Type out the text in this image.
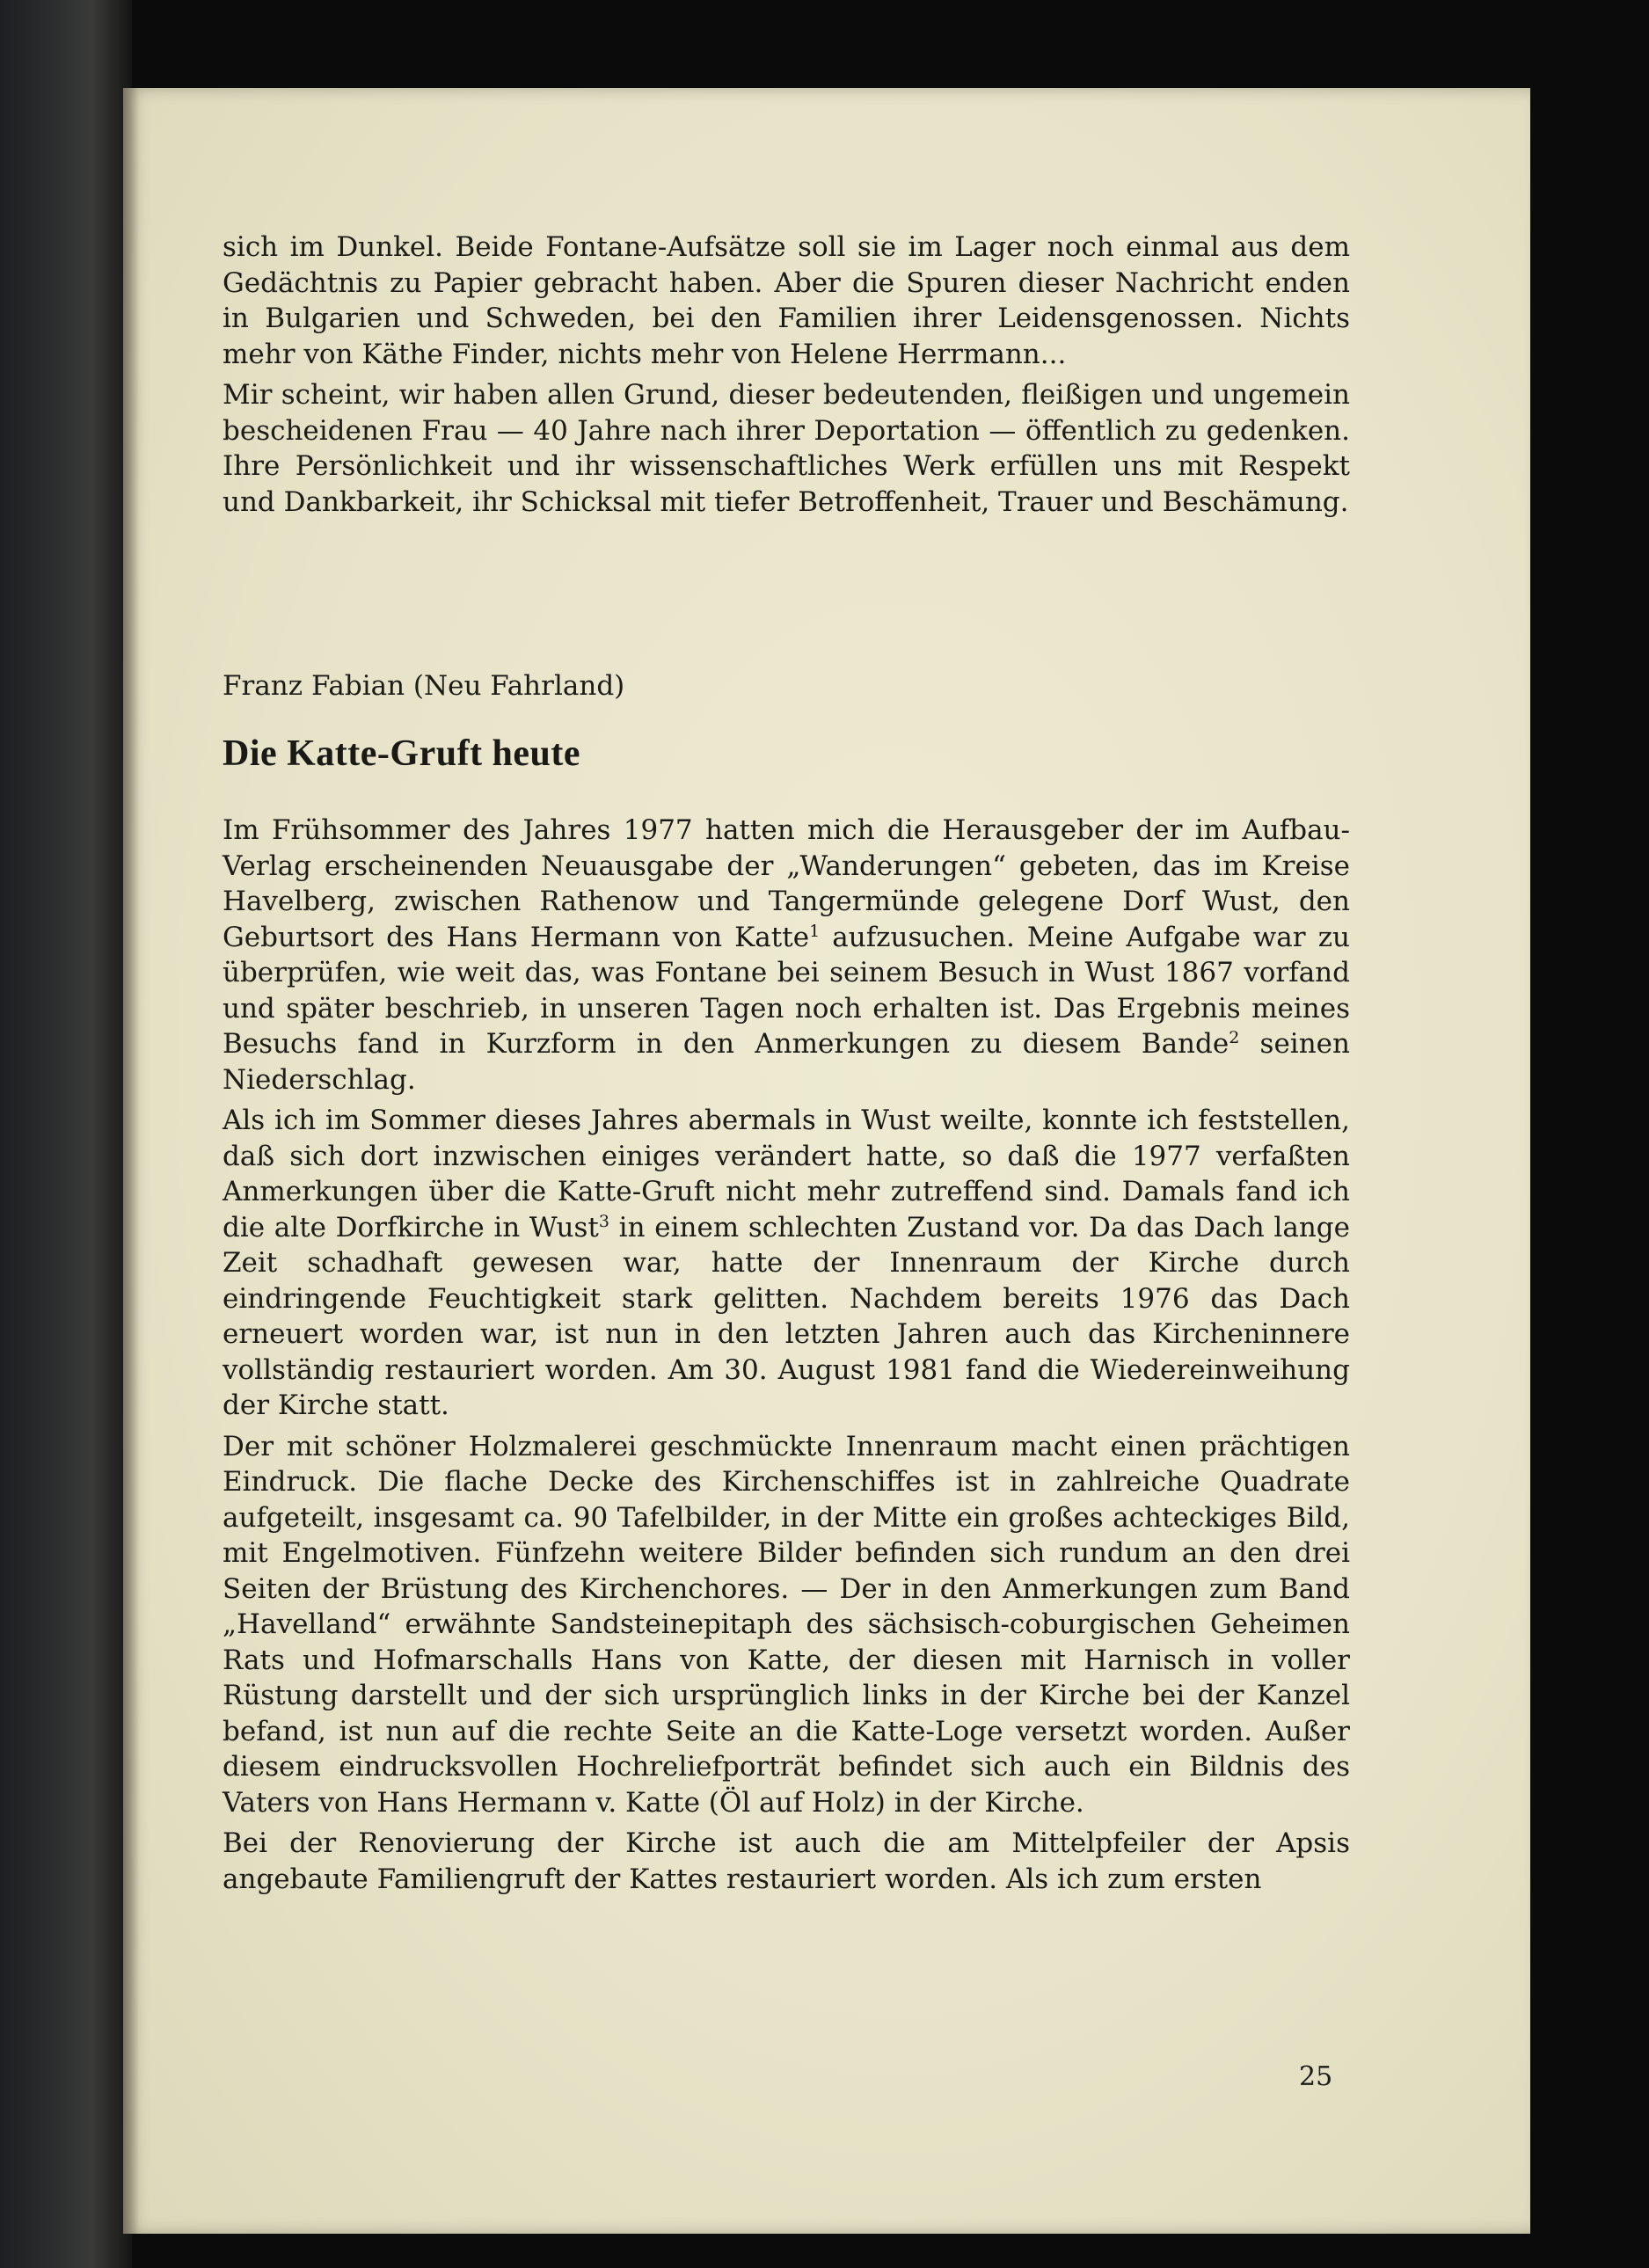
sich im Dunkel. Beide Fontane-Aufsätze soll sie im Lager noch einmal aus dem Gedächtnis zu Papier gebracht haben. Aber die Spuren dieser Nachricht enden in Bulgarien und Schweden, bei den Familien ihrer Leidensgenossen. Nichts mehr von Käthe Finder, nichts mehr von Helene Herrmann...

Mir scheint, wir haben allen Grund, dieser bedeutenden, fleißigen und ungemein bescheidenen Frau — 40 Jahre nach ihrer Deportation — öffentlich zu gedenken. Ihre Persönlichkeit und ihr wissenschaftliches Werk erfüllen uns mit Respekt und Dankbarkeit, ihr Schicksal mit tiefer Betroffenheit, Trauer und Beschämung.

Franz Fabian (Neu Fahrland)

Die Katte-Gruft heute

Im Frühsommer des Jahres 1977 hatten mich die Herausgeber der im Aufbau-Verlag erscheinenden Neuausgabe der „Wanderungen“ gebeten, das im Kreise Havelberg, zwischen Rathenow und Tangermünde gelegene Dorf Wust, den Geburtsort des Hans Hermann von Katte$^1$ aufzusuchen. Meine Aufgabe war zu überprüfen, wie weit das, was Fontane bei seinem Besuch in Wust 1867 vorfand und später beschrieb, in unseren Tagen noch erhalten ist. Das Ergebnis meines Besuchs fand in Kurzform in den Anmerkungen zu diesem Bande$^2$ seinen Niederschlag.

Als ich im Sommer dieses Jahres abermals in Wust weilte, konnte ich feststellen, daß sich dort inzwischen einiges verändert hatte, so daß die 1977 verfaßten Anmerkungen über die Katte-Gruft nicht mehr zutreffend sind. Damals fand ich die alte Dorfkirche in Wust$^3$ in einem schlechten Zustand vor. Da das Dach lange Zeit schadhaft gewesen war, hatte der Innenraum der Kirche durch eindringende Feuchtigkeit stark gelitten. Nachdem bereits 1976 das Dach erneuert worden war, ist nun in den letzten Jahren auch das Kircheninnere vollständig restauriert worden. Am 30. August 1981 fand die Wiedereinweihung der Kirche statt.

Der mit schöner Holzmalerei geschmückte Innenraum macht einen prächtigen Eindruck. Die flache Decke des Kirchenschiffes ist in zahlreiche Quadrate aufgeteilt, insgesamt ca. 90 Tafelbilder, in der Mitte ein großes achteckiges Bild, mit Engelmotiven. Fünfzehn weitere Bilder befinden sich rundum an den drei Seiten der Brüstung des Kirchenchores. — Der in den Anmerkungen zum Band „Havelland“ erwähnte Sandsteinepitaph des sächsisch-coburgischen Geheimen Rats und Hofmarschalls Hans von Katte, der diesen mit Harnisch in voller Rüstung darstellt und der sich ursprünglich links in der Kirche bei der Kanzel befand, ist nun auf die rechte Seite an die Katte-Loge versetzt worden. Außer diesem eindrucksvollen Hochreliefporträt befindet sich auch ein Bildnis des Vaters von Hans Hermann v. Katte (Öl auf Holz) in der Kirche.

Bei der Renovierung der Kirche ist auch die am Mittelpfeiler der Apsis angebaute Familiengruft der Kattes restauriert worden. Als ich zum ersten

25
